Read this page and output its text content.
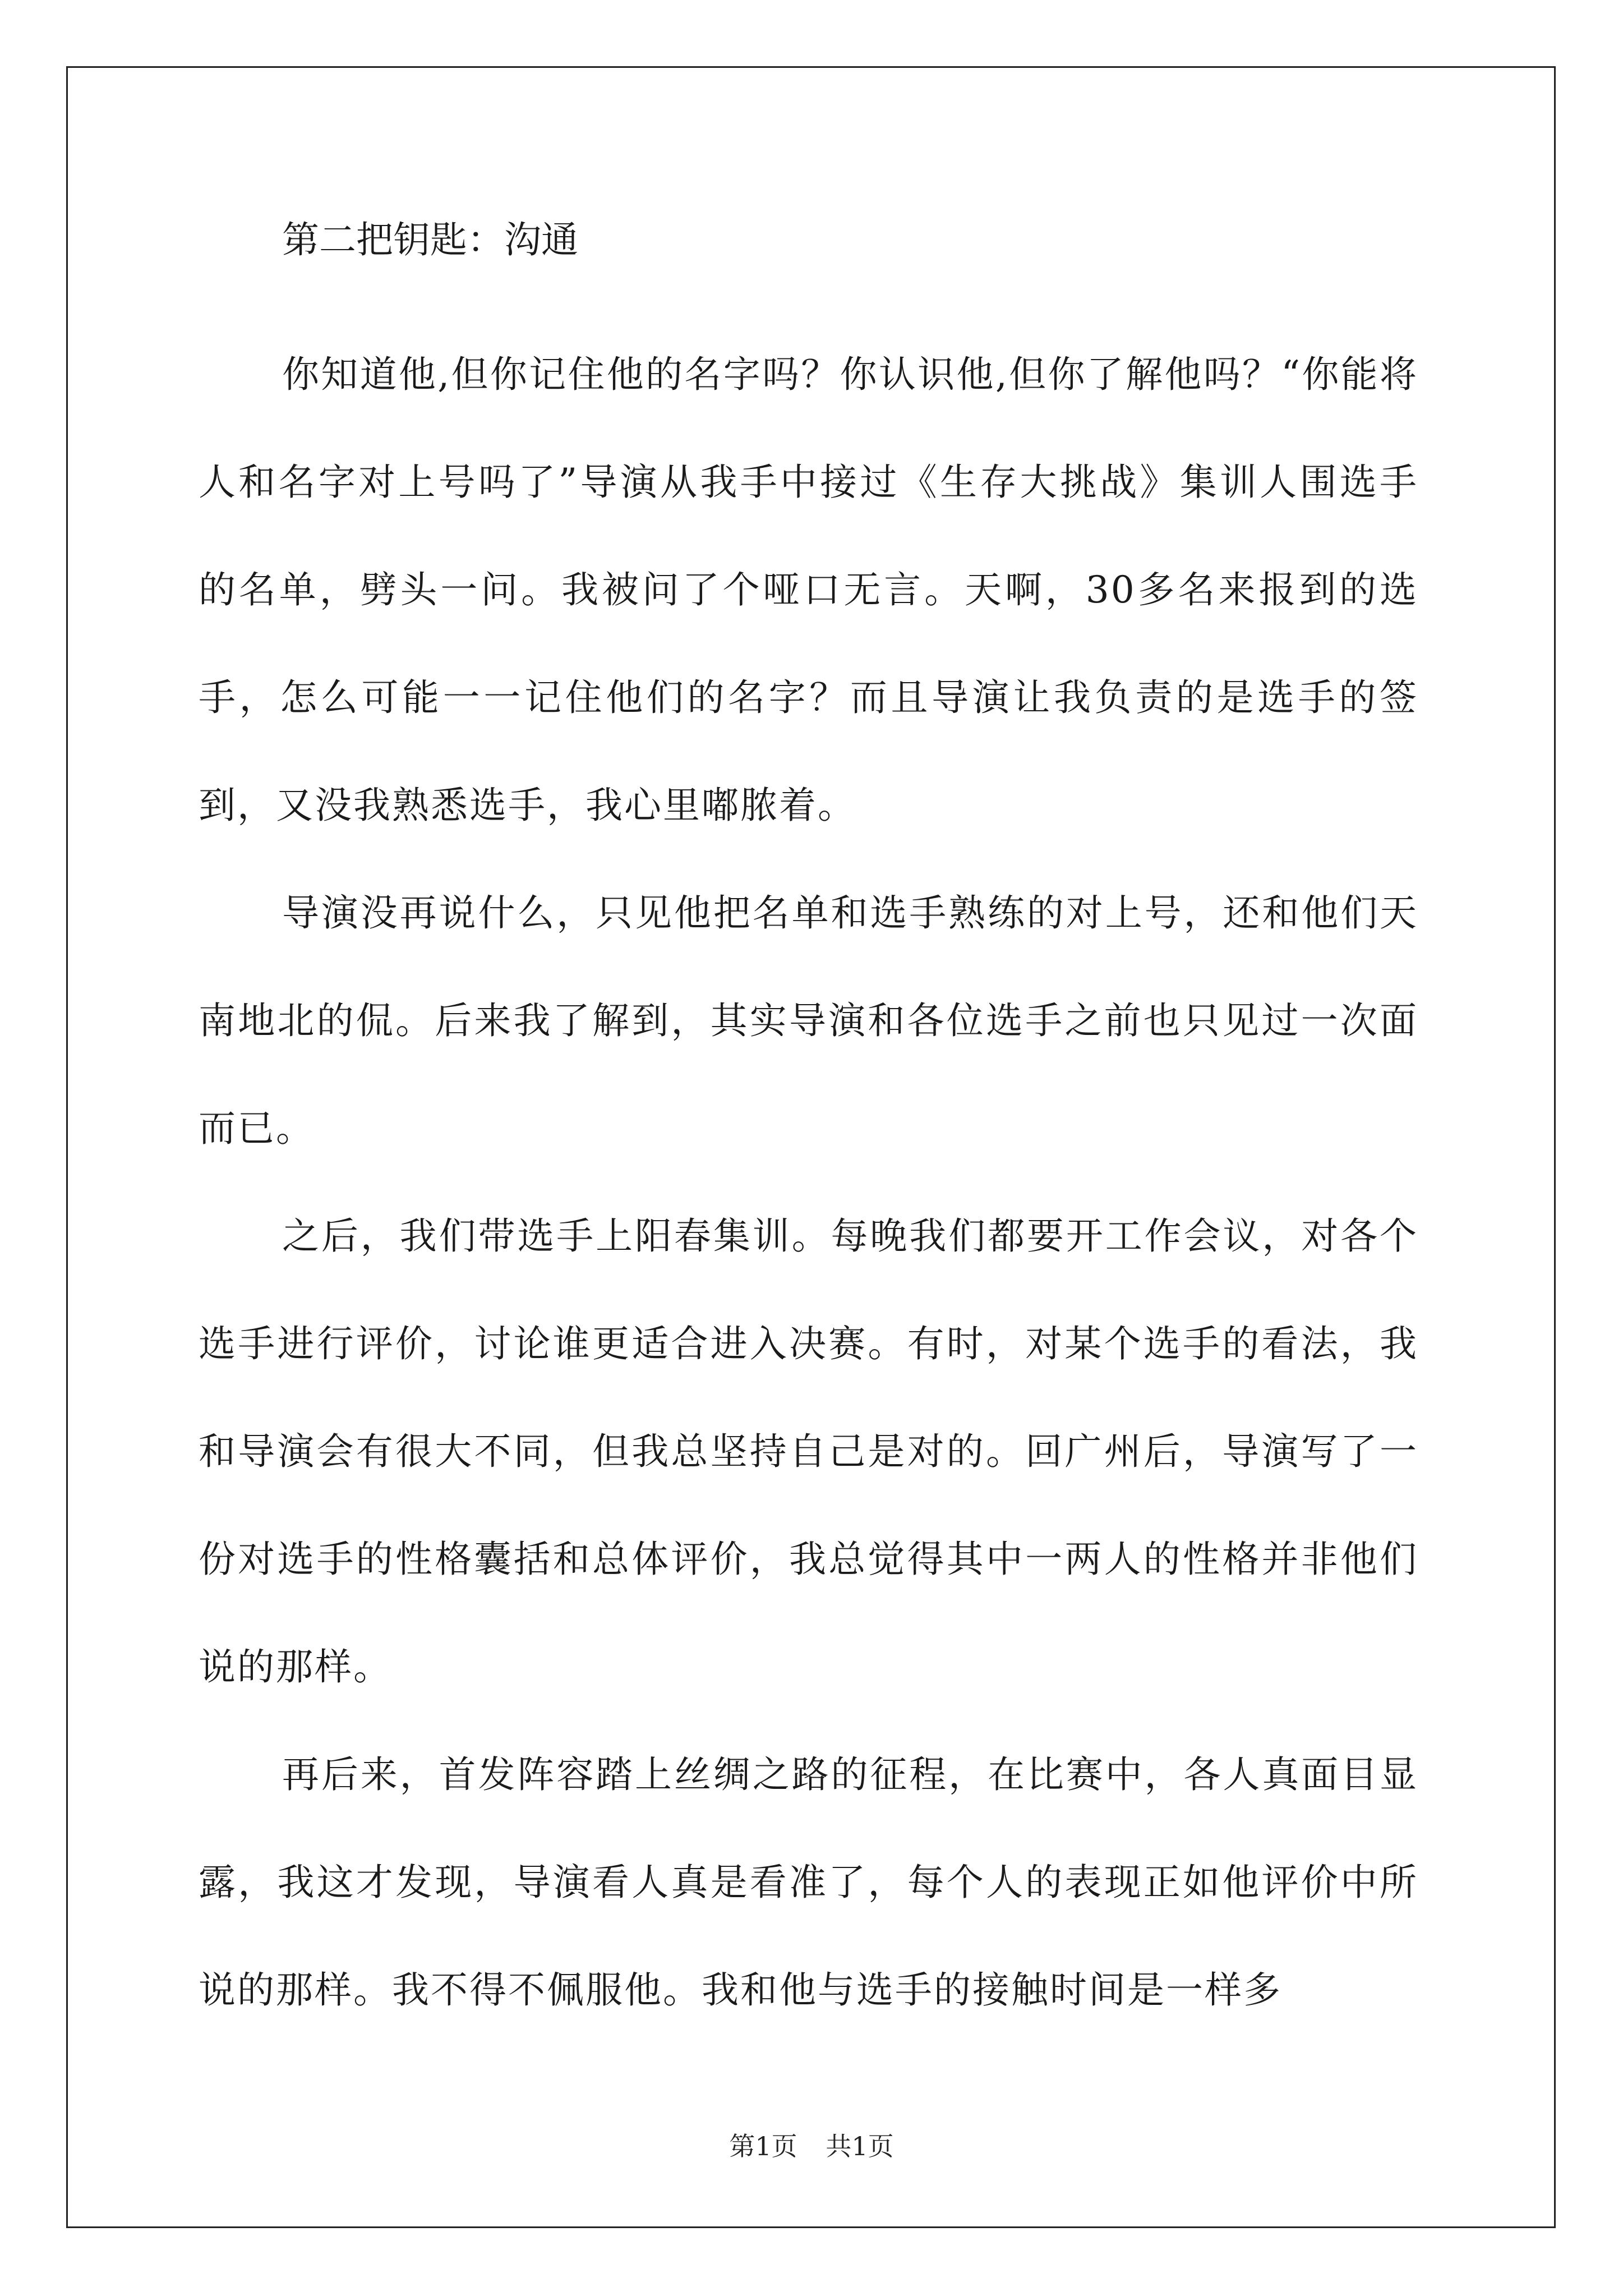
第二把钥匙：沟通

你知道他,但你记住他的名字吗？你认识他,但你了解他吗？“你能将人和名字对上号吗了”导演从我手中接过《生存大挑战》集训人围选手的名单，劈头一问。我被问了个哑口无言。天啊，30多名来报到的选手，怎么可能一一记住他们的名字？而且导演让我负责的是选手的签到，又没我熟悉选手，我心里嘟脓着。

导演没再说什么，只见他把名单和选手熟练的对上号，还和他们天南地北的侃。后来我了解到，其实导演和各位选手之前也只见过一次面而已。

之后，我们带选手上阳春集训。每晚我们都要开工作会议，对各个选手进行评价，讨论谁更适合进入决赛。有时，对某个选手的看法，我和导演会有很大不同，但我总坚持自己是对的。回广州后，导演写了一份对选手的性格囊括和总体评价，我总觉得其中一两人的性格并非他们说的那样。

再后来，首发阵容踏上丝绸之路的征程，在比赛中，各人真面目显露，我这才发现，导演看人真是看准了，每个人的表现正如他评价中所说的那样。我不得不佩服他。我和他与选手的接触时间是一样多

第1页 共1页
